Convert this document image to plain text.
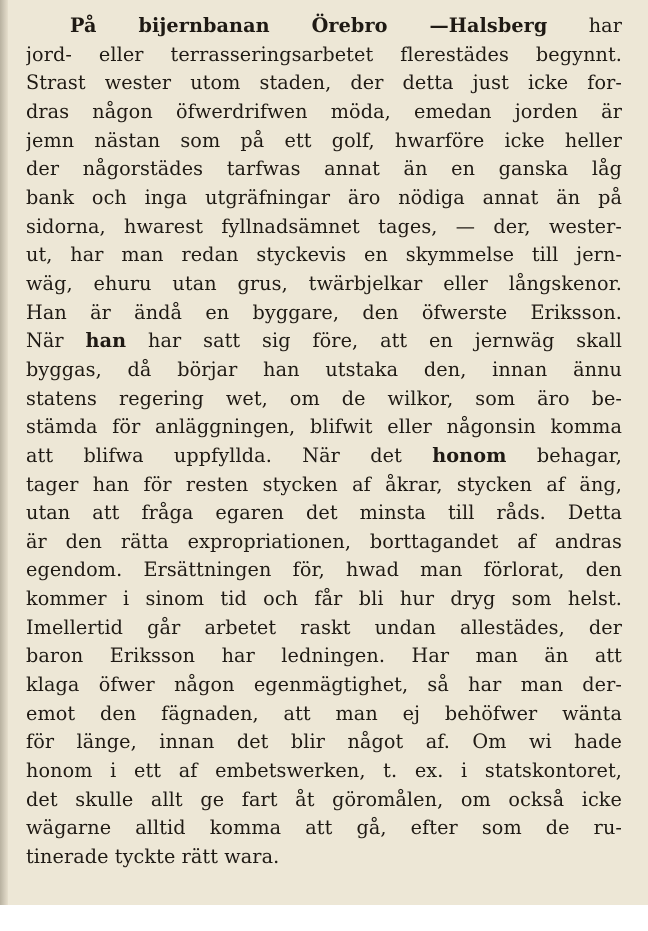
På bijernbanan Örebro —Halsberg har
jord- eller terrasseringsarbetet flerestädes begynnt.
Strast wester utom staden, der detta just icke for-
dras någon öfwerdrifwen möda, emedan jorden är
jemn nästan som på ett golf, hwarföre icke heller
der någorstädes tarfwas annat än en ganska låg
bank och inga utgräfningar äro nödiga annat än på
sidorna, hwarest fyllnadsämnet tages, — der, wester-
ut, har man redan styckevis en skymmelse till jern-
wäg, ehuru utan grus, twärbjelkar eller långskenor.
Han är ändå en byggare, den öfwerste Eriksson.
När han har satt sig före, att en jernwäg skall
byggas, då börjar han utstaka den, innan ännu
statens regering wet, om de wilkor, som äro be-
stämda för anläggningen, blifwit eller någonsin komma
att blifwa uppfyllda. När det honom behagar,
tager han för resten stycken af åkrar, stycken af äng,
utan att fråga egaren det minsta till råds. Detta
är den rätta expropriationen, borttagandet af andras
egendom. Ersättningen för, hwad man förlorat, den
kommer i sinom tid och får bli hur dryg som helst.
Imellertid går arbetet raskt undan allestädes, der
baron Eriksson har ledningen. Har man än att
klaga öfwer någon egenmägtighet, så har man der-
emot den fägnaden, att man ej behöfwer wänta
för länge, innan det blir något af. Om wi hade
honom i ett af embetswerken, t. ex. i statskontoret,
det skulle allt ge fart åt göromålen, om också icke
wägarne alltid komma att gå, efter som de ru-
tinerade tyckte rätt wara.
